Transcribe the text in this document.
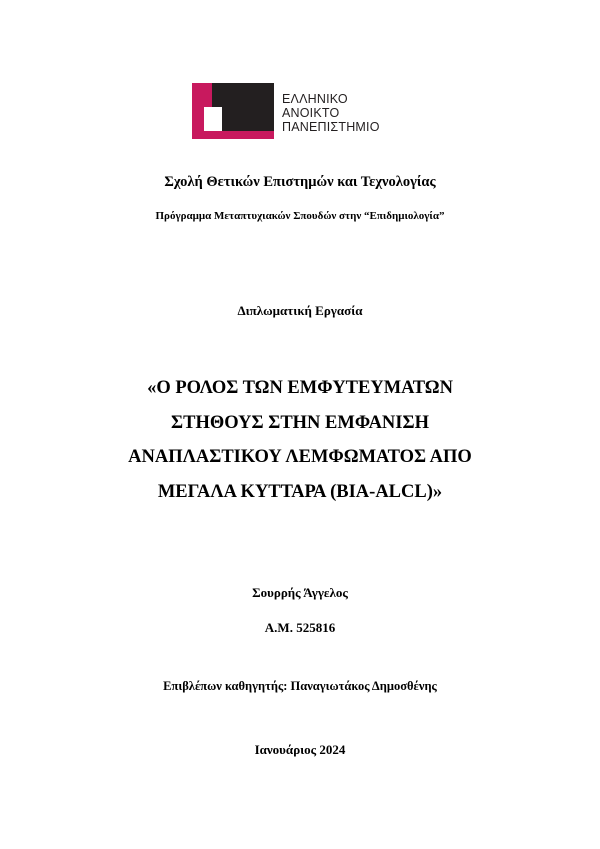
ΕΛΛΗΝΙΚΟ
ΑΝΟΙΚΤΟ
ΠΑΝΕΠΙΣΤΗΜΙΟ
Σχολή Θετικών Επιστημών και Τεχνολογίας
Πρόγραμμα Μεταπτυχιακών Σπουδών στην “Επιδημιολογία”
Διπλωματική Εργασία
«Ο ΡΟΛΟΣ ΤΩΝ ΕΜΦΥΤΕΥΜΑΤΩΝ
ΣΤΗΘΟΥΣ ΣΤΗΝ ΕΜΦΑΝΙΣΗ
ΑΝΑΠΛΑΣΤΙΚΟΥ ΛΕΜΦΩΜΑΤΟΣ ΑΠΟ
ΜΕΓΑΛΑ ΚΥΤΤΑΡΑ (BIA-ALCL)»
Σουρρής Άγγελος
Α.Μ. 525816
Επιβλέπων καθηγητής: Παναγιωτάκος Δημοσθένης
Ιανουάριος 2024
